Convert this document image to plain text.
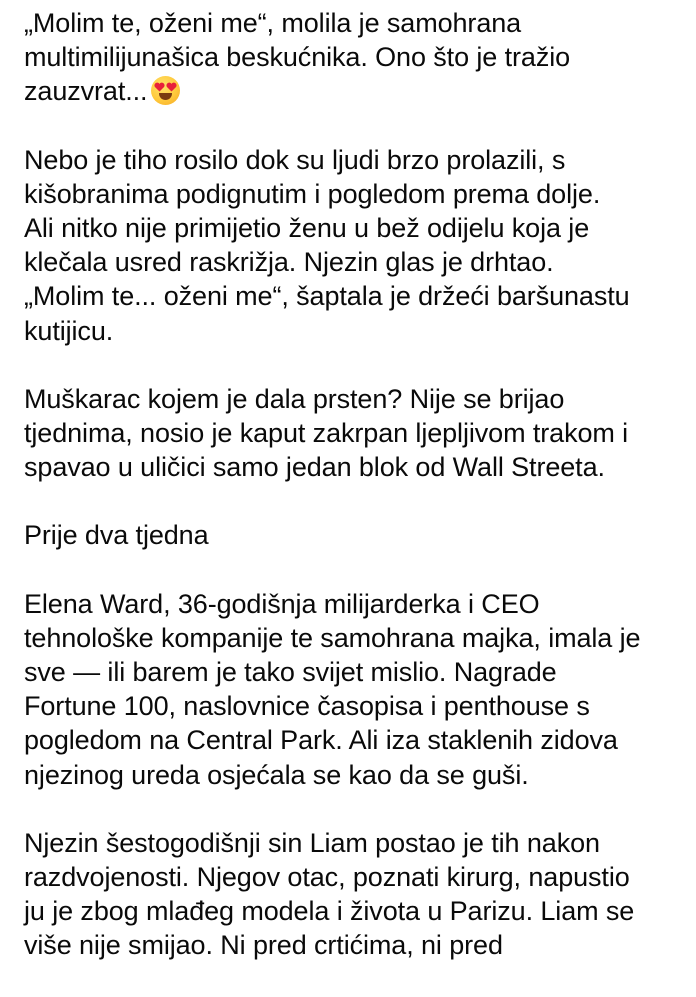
„Molim te, oženi me“, molila je samohrana
multimilijunašica beskućnika. Ono što je tražio
zauzvrat...

Nebo je tiho rosilo dok su ljudi brzo prolazili, s
kišobranima podignutim i pogledom prema dolje.
Ali nitko nije primijetio ženu u bež odijelu koja je
klečala usred raskrižja. Njezin glas je drhtao.
„Molim te... oženi me“, šaptala je držeći baršunastu
kutijicu.

Muškarac kojem je dala prsten? Nije se brijao
tjednima, nosio je kaput zakrpan ljepljivom trakom i
spavao u uličici samo jedan blok od Wall Streeta.

Prije dva tjedna

Elena Ward, 36-godišnja milijarderka i CEO
tehnološke kompanije te samohrana majka, imala je
sve — ili barem je tako svijet mislio. Nagrade
Fortune 100, naslovnice časopisa i penthouse s
pogledom na Central Park. Ali iza staklenih zidova
njezinog ureda osjećala se kao da se guši.

Njezin šestogodišnji sin Liam postao je tih nakon
razdvojenosti. Njegov otac, poznati kirurg, napustio
ju je zbog mlađeg modela i života u Parizu. Liam se
više nije smijao. Ni pred crtićima, ni pred
